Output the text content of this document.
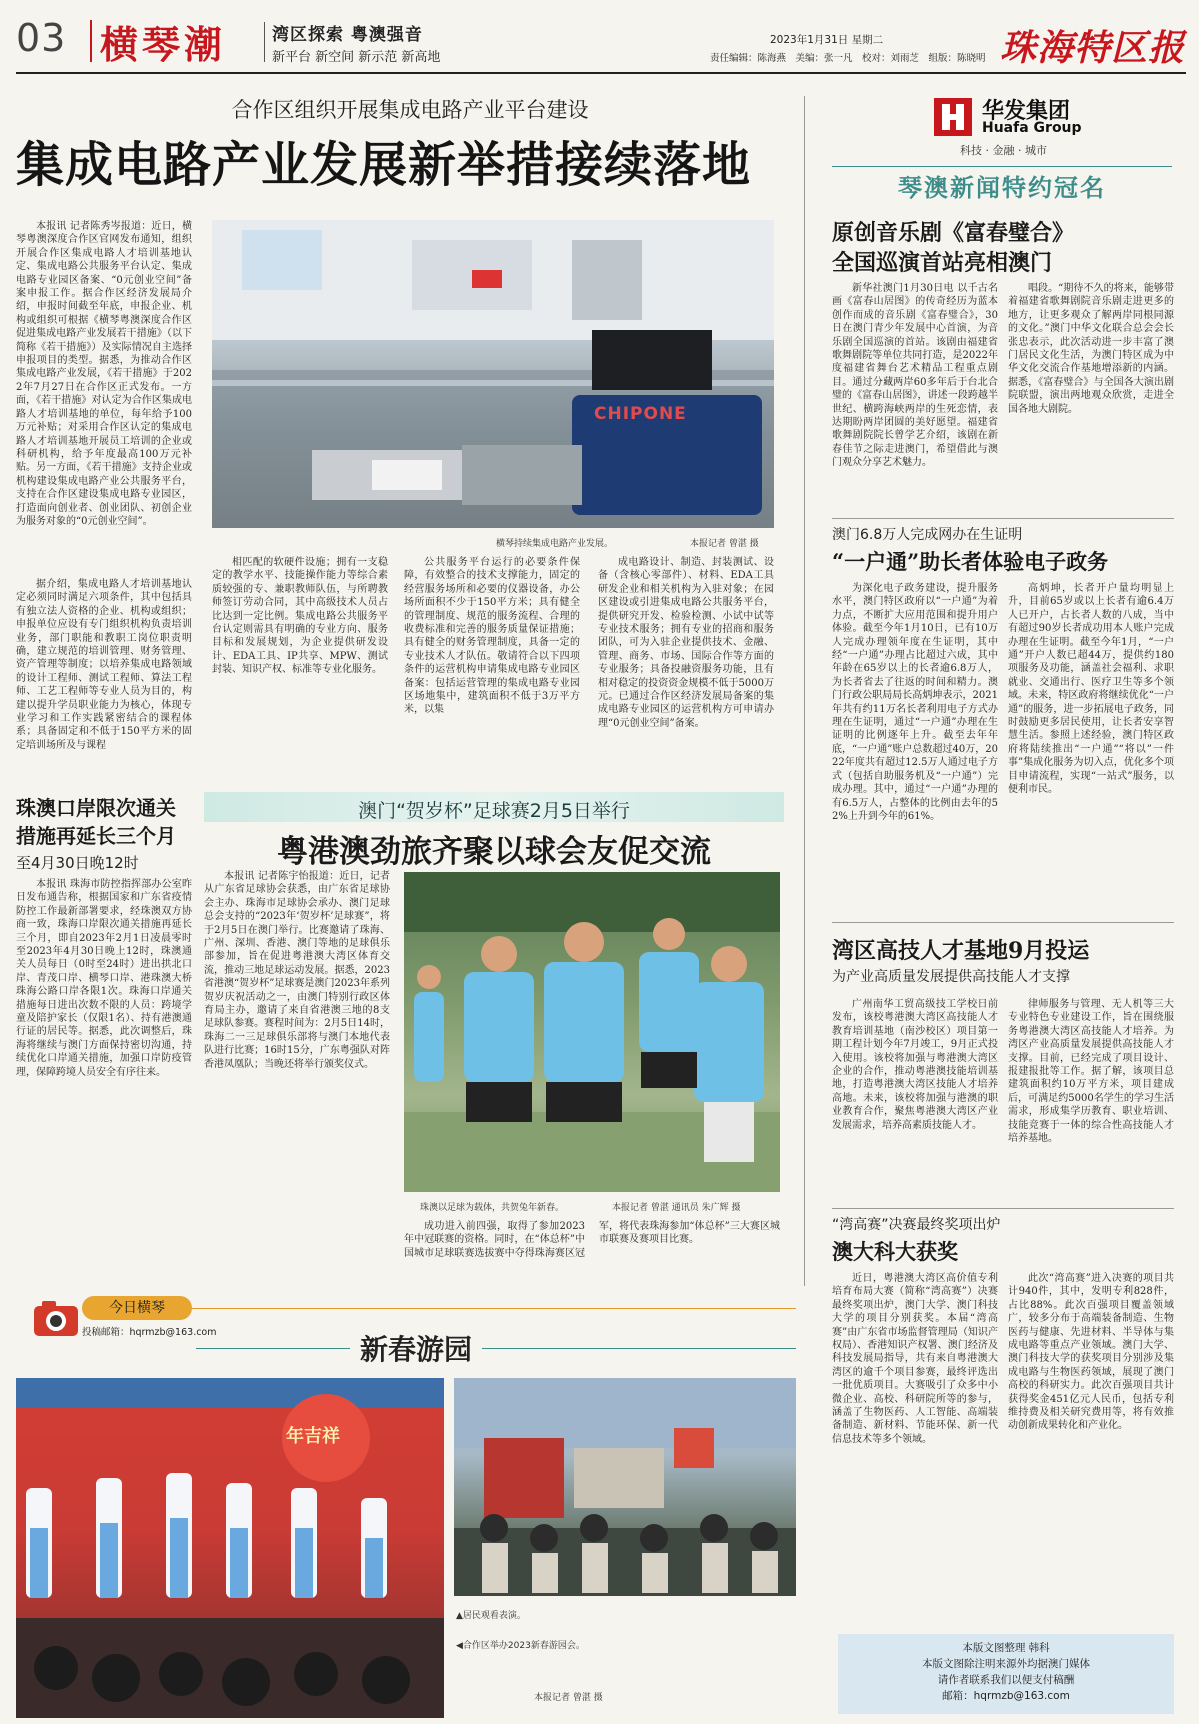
03 横琴潮	湾区探索 粤澳强音
新平台 新空间 新示范 新高地
2023年1月31日 星期二
责任编辑：陈海燕　美编：张一凡　校对：刘雨芝　组版：陈晓明 珠海特区报
合作区组织开展集成电路产业平台建设
集成电路产业发展新举措接续落地

本报讯 记者陈秀岑报道：近日，横琴粤澳深度合作区官网发布通知，组织开展合作区集成电路人才培训基地认定、集成电路公共服务平台认定、集成电路专业园区备案、“0元创业空间”备案申报工作。据合作区经济发展局介绍，申报时间截至年底，申报企业、机构或组织可根据《横琴粤澳深度合作区促进集成电路产业发展若干措施》（以下简称《若干措施》）及实际情况自主选择申报项目的类型。据悉，为推动合作区集成电路产业发展，《若干措施》于2022年7月27日在合作区正式发布。一方面，《若干措施》对认定为合作区集成电路人才培训基地的单位，每年给予100万元补贴；对采用合作区认定的集成电路人才培训基地开展员工培训的企业或科研机构，给予年度最高100万元补贴。另一方面，《若干措施》支持企业或机构建设集成电路产业公共服务平台，支持在合作区建设集成电路专业园区，打造面向创业者、创业团队、初创企业为服务对象的“0元创业空间”。

据介绍，集成电路人才培训基地认定必须同时满足六项条件，其中包括具有独立法人资格的企业、机构或组织；申报单位应设有专门组织机构负责培训业务，部门职能和教职工岗位职责明确，建立规范的培训管理、财务管理、资产管理等制度；以培养集成电路领域的设计工程师、测试工程师、算法工程师、工艺工程师等专业人员为目的，构建以提升学员职业能力为核心，体现专业学习和工作实践紧密结合的课程体系；具备固定和不低于150平方米的固定培训场所及与课程

CHIPONE
横琴持续集成电路产业发展。	本报记者 曾湛 摄

相匹配的软硬件设施；拥有一支稳定的教学水平、技能操作能力等综合素质较强的专、兼职教师队伍，与所聘教师签订劳动合同，其中高级技术人员占比达到一定比例。集成电路公共服务平台认定则需具有明确的专业方向、服务目标和发展规划，为企业提供研发设计、EDA工具、IP共享、MPW、测试封装、知识产权、标准等专业化服务。

公共服务平台运行的必要条件保障，有效整合的技术支撑能力，固定的经营服务场所和必要的仪器设备，办公场所面积不少于150平方米；具有健全的管理制度、规范的服务流程、合理的收费标准和完善的服务质量保证措施；具有健全的财务管理制度，具备一定的专业技术人才队伍。敬请符合以下四项条件的运营机构申请集成电路专业园区备案：包括运营管理的集成电路专业园区场地集中，建筑面积不低于3万平方米，以集

成电路设计、制造、封装测试、设备（含核心零部件）、材料、EDA工具研发企业和相关机构为入驻对象；在园区建设或引进集成电路公共服务平台，提供研究开发、检验检测、小试中试等专业技术服务；拥有专业的招商和服务团队，可为入驻企业提供技术、金融、管理、商务、市场、国际合作等方面的专业服务；具备投融资服务功能，且有相对稳定的投资资金规模不低于5000万元。已通过合作区经济发展局备案的集成电路专业园区的运营机构方可申请办理“0元创业空间”备案。

华发集团
Huafa Group
科技 · 金融 · 城市
琴澳新闻特约冠名
原创音乐剧《富春璧合》
全国巡演首站亮相澳门

新华社澳门1月30日电 以千古名画《富春山居图》的传奇经历为蓝本创作而成的音乐剧《富春璧合》，30日在澳门青少年发展中心首演，为音乐剧全国巡演的首站。该剧由福建省歌舞剧院等单位共同打造，是2022年度福建省舞台艺术精品工程重点剧目。通过分藏两岸60多年后于台北合璧的《富春山居图》，讲述一段跨越半世纪、横跨海峡两岸的生死恋情，表达期盼两岸团圆的美好愿望。福建省歌舞剧院院长曾学艺介绍，该剧在新春佳节之际走进澳门，希望借此与澳门观众分享艺术魅力。

唱段。“期待不久的将来，能够带着福建省歌舞剧院音乐剧走进更多的地方，让更多观众了解两岸同根同源的文化。”澳门中华文化联合总会会长张忠表示，此次活动进一步丰富了澳门居民文化生活，为澳门特区成为中华文化交流合作基地增添新的内涵。据悉，《富春璧合》与全国各大演出剧院联盟，演出两地观众欣赏，走进全国各地大剧院。

澳门6.8万人完成网办在生证明
“一户通”助长者体验电子政务

为深化电子政务建设，提升服务水平，澳门特区政府以“一户通”为着力点，不断扩大应用范围和提升用户体验。截至今年1月10日，已有10万人完成办理领年度在生证明，其中经“一户通”办理占比超过六成，其中年龄在65岁以上的长者逾6.8万人，为长者省去了往返的时间和精力。澳门行政公职局局长高炳坤表示，2021年共有约11万名长者利用电子方式办理在生证明，通过“一户通”办理在生证明的比例逐年上升。截至去年年底，“一户通”账户总数超过40万，2022年度共有超过12.5万人通过电子方式（包括自助服务机及“一户通”）完成办理。其中，通过“一户通”办理的有6.5万人，占整体的比例由去年的52%上升到今年的61%。

高炳坤，长者开户量均明显上升，目前65岁或以上长者有逾6.4万人已开户，占长者人数的八成，当中有超过90岁长者成功用本人账户完成办理在生证明。截至今年1月，“一户通”开户人数已超44万，提供约180项服务及功能，涵盖社会福利、求职就业、交通出行、医疗卫生等多个领域。未来，特区政府将继续优化“一户通”的服务，进一步拓展电子政务，同时鼓励更多居民使用，让长者安享智慧生活。参照上述经验，澳门特区政府将陆续推出“一户通”“将以”一件事”集成化服务为切入点，优化多个项目申请流程，实现“一站式”服务，以便利市民。

湾区高技人才基地9月投运
为产业高质量发展提供高技能人才支撑

广州南华工贸高级技工学校日前发布，该校粤港澳大湾区高技能人才教育培训基地（南沙校区）项目第一期工程计划今年7月竣工，9月正式投入使用。该校将加强与粤港澳大湾区企业的合作，推动粤港澳技能培训基地，打造粤港澳大湾区技能人才培养高地。未来，该校将加强与港澳的职业教育合作，聚焦粤港澳大湾区产业发展需求，培养高素质技能人才。

律师服务与管理、无人机等三大专业特色专业建设工作，旨在围绕服务粤港澳大湾区高技能人才培养。为湾区产业高质量发展提供高技能人才支撑。目前，已经完成了项目设计、报建报批等工作。据了解，该项目总建筑面积约10万平方米，项目建成后，可满足约5000名学生的学习生活需求，形成集学历教育、职业培训、技能竞赛于一体的综合性高技能人才培养基地。

“湾高赛”决赛最终奖项出炉
澳大科大获奖

近日，粤港澳大湾区高价值专利培育布局大赛（简称“湾高赛”）决赛最终奖项出炉，澳门大学、澳门科技大学的项目分别获奖。本届“湾高赛”由广东省市场监督管理局（知识产权局）、香港知识产权署、澳门经济及科技发展局指导，共有来自粤港澳大湾区的逾千个项目参赛，最终评选出一批优质项目。大赛吸引了众多中小微企业、高校、科研院所等的参与，涵盖了生物医药、人工智能、高端装备制造、新材料、节能环保、新一代信息技术等多个领域。

此次“湾高赛”进入决赛的项目共计940件，其中，发明专利828件，占比88%。此次百强项目覆盖领域广，较多分布于高端装备制造、生物医药与健康、先进材料、半导体与集成电路等重点产业领域。澳门大学、澳门科技大学的获奖项目分别涉及集成电路与生物医药领域，展现了澳门高校的科研实力。此次百强项目共计获得奖金451亿元人民币，包括专利维持费及相关研究费用等，将有效推动创新成果转化和产业化。

本版文图整理 韩科
本版文图除注明来源外均据澳门媒体
请作者联系我们以便支付稿酬
邮箱：hqrmzb@163.com
珠澳口岸限次通关
措施再延长三个月
至4月30日晚12时

本报讯 珠海市防控指挥部办公室昨日发布通告称，根据国家和广东省疫情防控工作最新部署要求，经珠澳双方协商一致，珠海口岸限次通关措施再延长三个月，即自2023年2月1日凌晨零时至2023年4月30日晚上12时，珠澳通关人员每日（0时至24时）进出拱北口岸、青茂口岸、横琴口岸、港珠澳大桥珠海公路口岸各限1次。珠海口岸通关措施每日进出次数不限的人员：跨境学童及陪护家长（仅限1名）、持有港澳通行证的居民等。据悉，此次调整后，珠海将继续与澳门方面保持密切沟通，持续优化口岸通关措施，加强口岸防疫管理，保障跨境人员安全有序往来。

澳门“贺岁杯”足球赛2月5日举行
粤港澳劲旅齐聚以球会友促交流

本报讯 记者陈宇怡报道：近日，记者从广东省足球协会获悉，由广东省足球协会主办、珠海市足球协会承办、澳门足球总会支持的“2023年‘贺岁杯’足球赛”，将于2月5日在澳门举行。比赛邀请了珠海、广州、深圳、香港、澳门等地的足球俱乐部参加，旨在促进粤港澳大湾区体育交流，推动三地足球运动发展。据悉，2023省港澳“贺岁杯”足球赛是澳门2023年系列贺岁庆祝活动之一，由澳门特别行政区体育局主办，邀请了来自省港澳三地的8支足球队参赛。赛程时间为：2月5日14时，珠海二一三足球俱乐部将与澳门本地代表队进行比赛；16时15分，广东粤强队对阵香港凤凰队；当晚还将举行颁奖仪式。

珠澳以足球为载体，共贺兔年新春。	本报记者 曾湛 通讯员 朱广辉 摄

成功进入前四强，取得了参加2023年中冠联赛的资格。同时，在“体总杯”中国城市足球联赛选拔赛中夺得珠海赛区冠军，将代表珠海参加“体总杯”三大赛区城市联赛及赛项目比赛。

今日横琴
投稿邮箱：hqrmzb@163.com
新春游园
年吉祥
▲居民观看表演。
◀合作区举办2023新春游园会。
本报记者 曾湛 摄
